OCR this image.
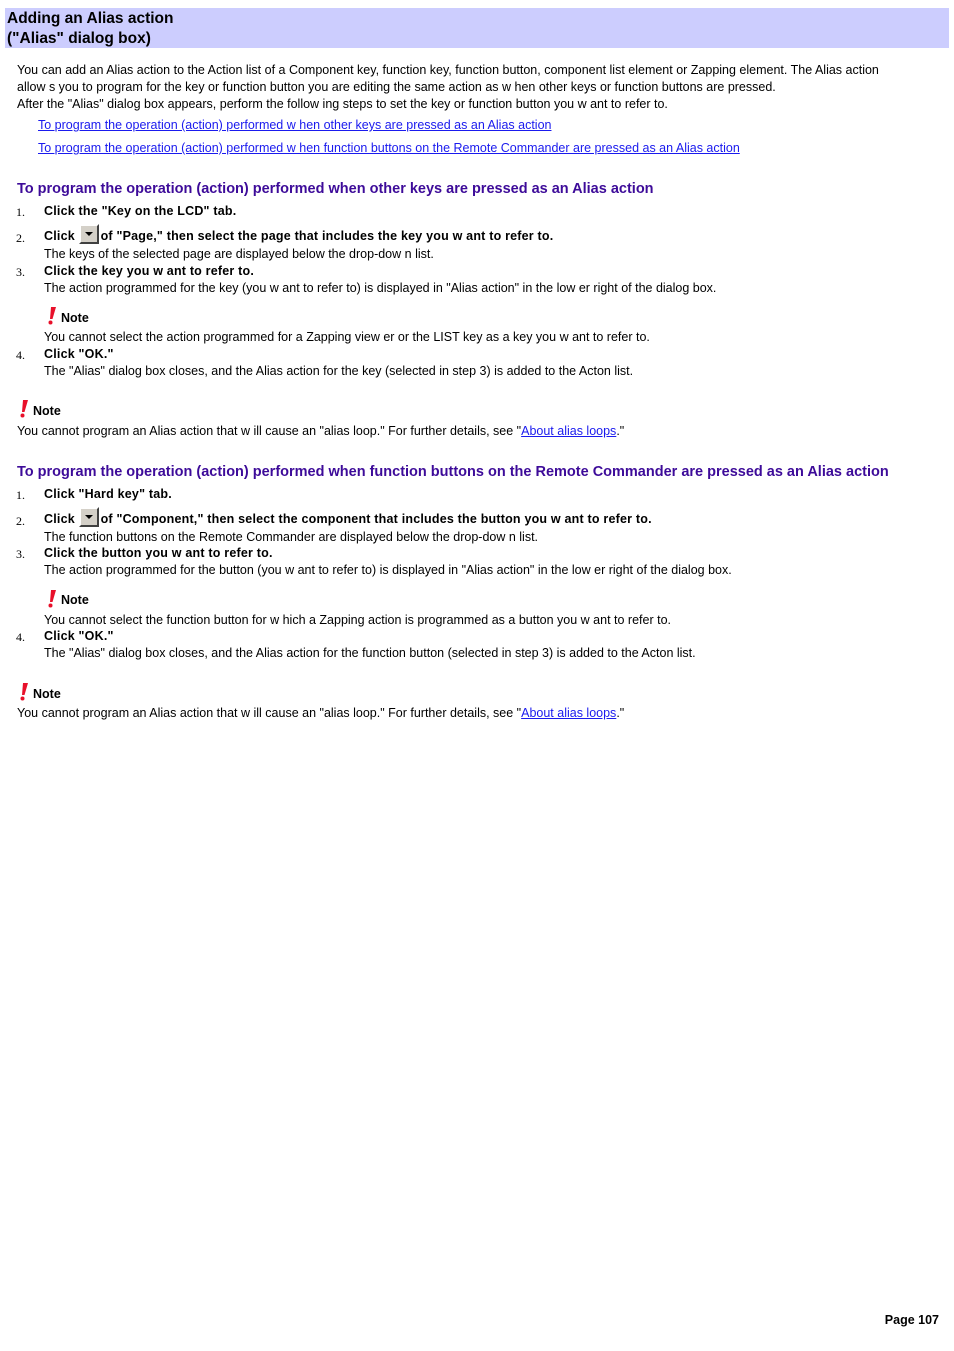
Adding an Alias action
("Alias" dialog box)
You can add an Alias action to the Action list of a Component key, function key, function button, component list element or Zapping element. The Alias action
allow s you to program for the key or function button you are editing the same action as w hen other keys or function buttons are pressed.
After the "Alias" dialog box appears, perform the follow ing steps to set the key or function button you w ant to refer to.
To program the operation (action) performed w hen other keys are pressed as an Alias action
To program the operation (action) performed w hen function buttons on the Remote Commander are pressed as an Alias action
To program the operation (action) performed when other keys are pressed as an Alias action
1. Click the "Key on the LCD" tab.
2. Click of "Page," then select the page that includes the key you w ant to refer to.
The keys of the selected page are displayed below the drop-dow n list.
3. Click the key you w ant to refer to.
The action programmed for the key (you w ant to refer to) is displayed in "Alias action" in the low er right of the dialog box.
Note
You cannot select the action programmed for a Zapping view er or the LIST key as a key you w ant to refer to.
4. Click "OK."
The "Alias" dialog box closes, and the Alias action for the key (selected in step 3) is added to the Acton list.
Note
You cannot program an Alias action that w ill cause an "alias loop." For further details, see "About alias loops."
To program the operation (action) performed when function buttons on the Remote Commander are pressed as an Alias action
1. Click "Hard key" tab.
2. Click of "Component," then select the component that includes the button you w ant to refer to.
The function buttons on the Remote Commander are displayed below the drop-dow n list.
3. Click the button you w ant to refer to.
The action programmed for the button (you w ant to refer to) is displayed in "Alias action" in the low er right of the dialog box.
Note
You cannot select the function button for w hich a Zapping action is programmed as a button you w ant to refer to.
4. Click "OK."
The "Alias" dialog box closes, and the Alias action for the function button (selected in step 3) is added to the Acton list.
Note
You cannot program an Alias action that w ill cause an "alias loop." For further details, see "About alias loops."
Page 107
